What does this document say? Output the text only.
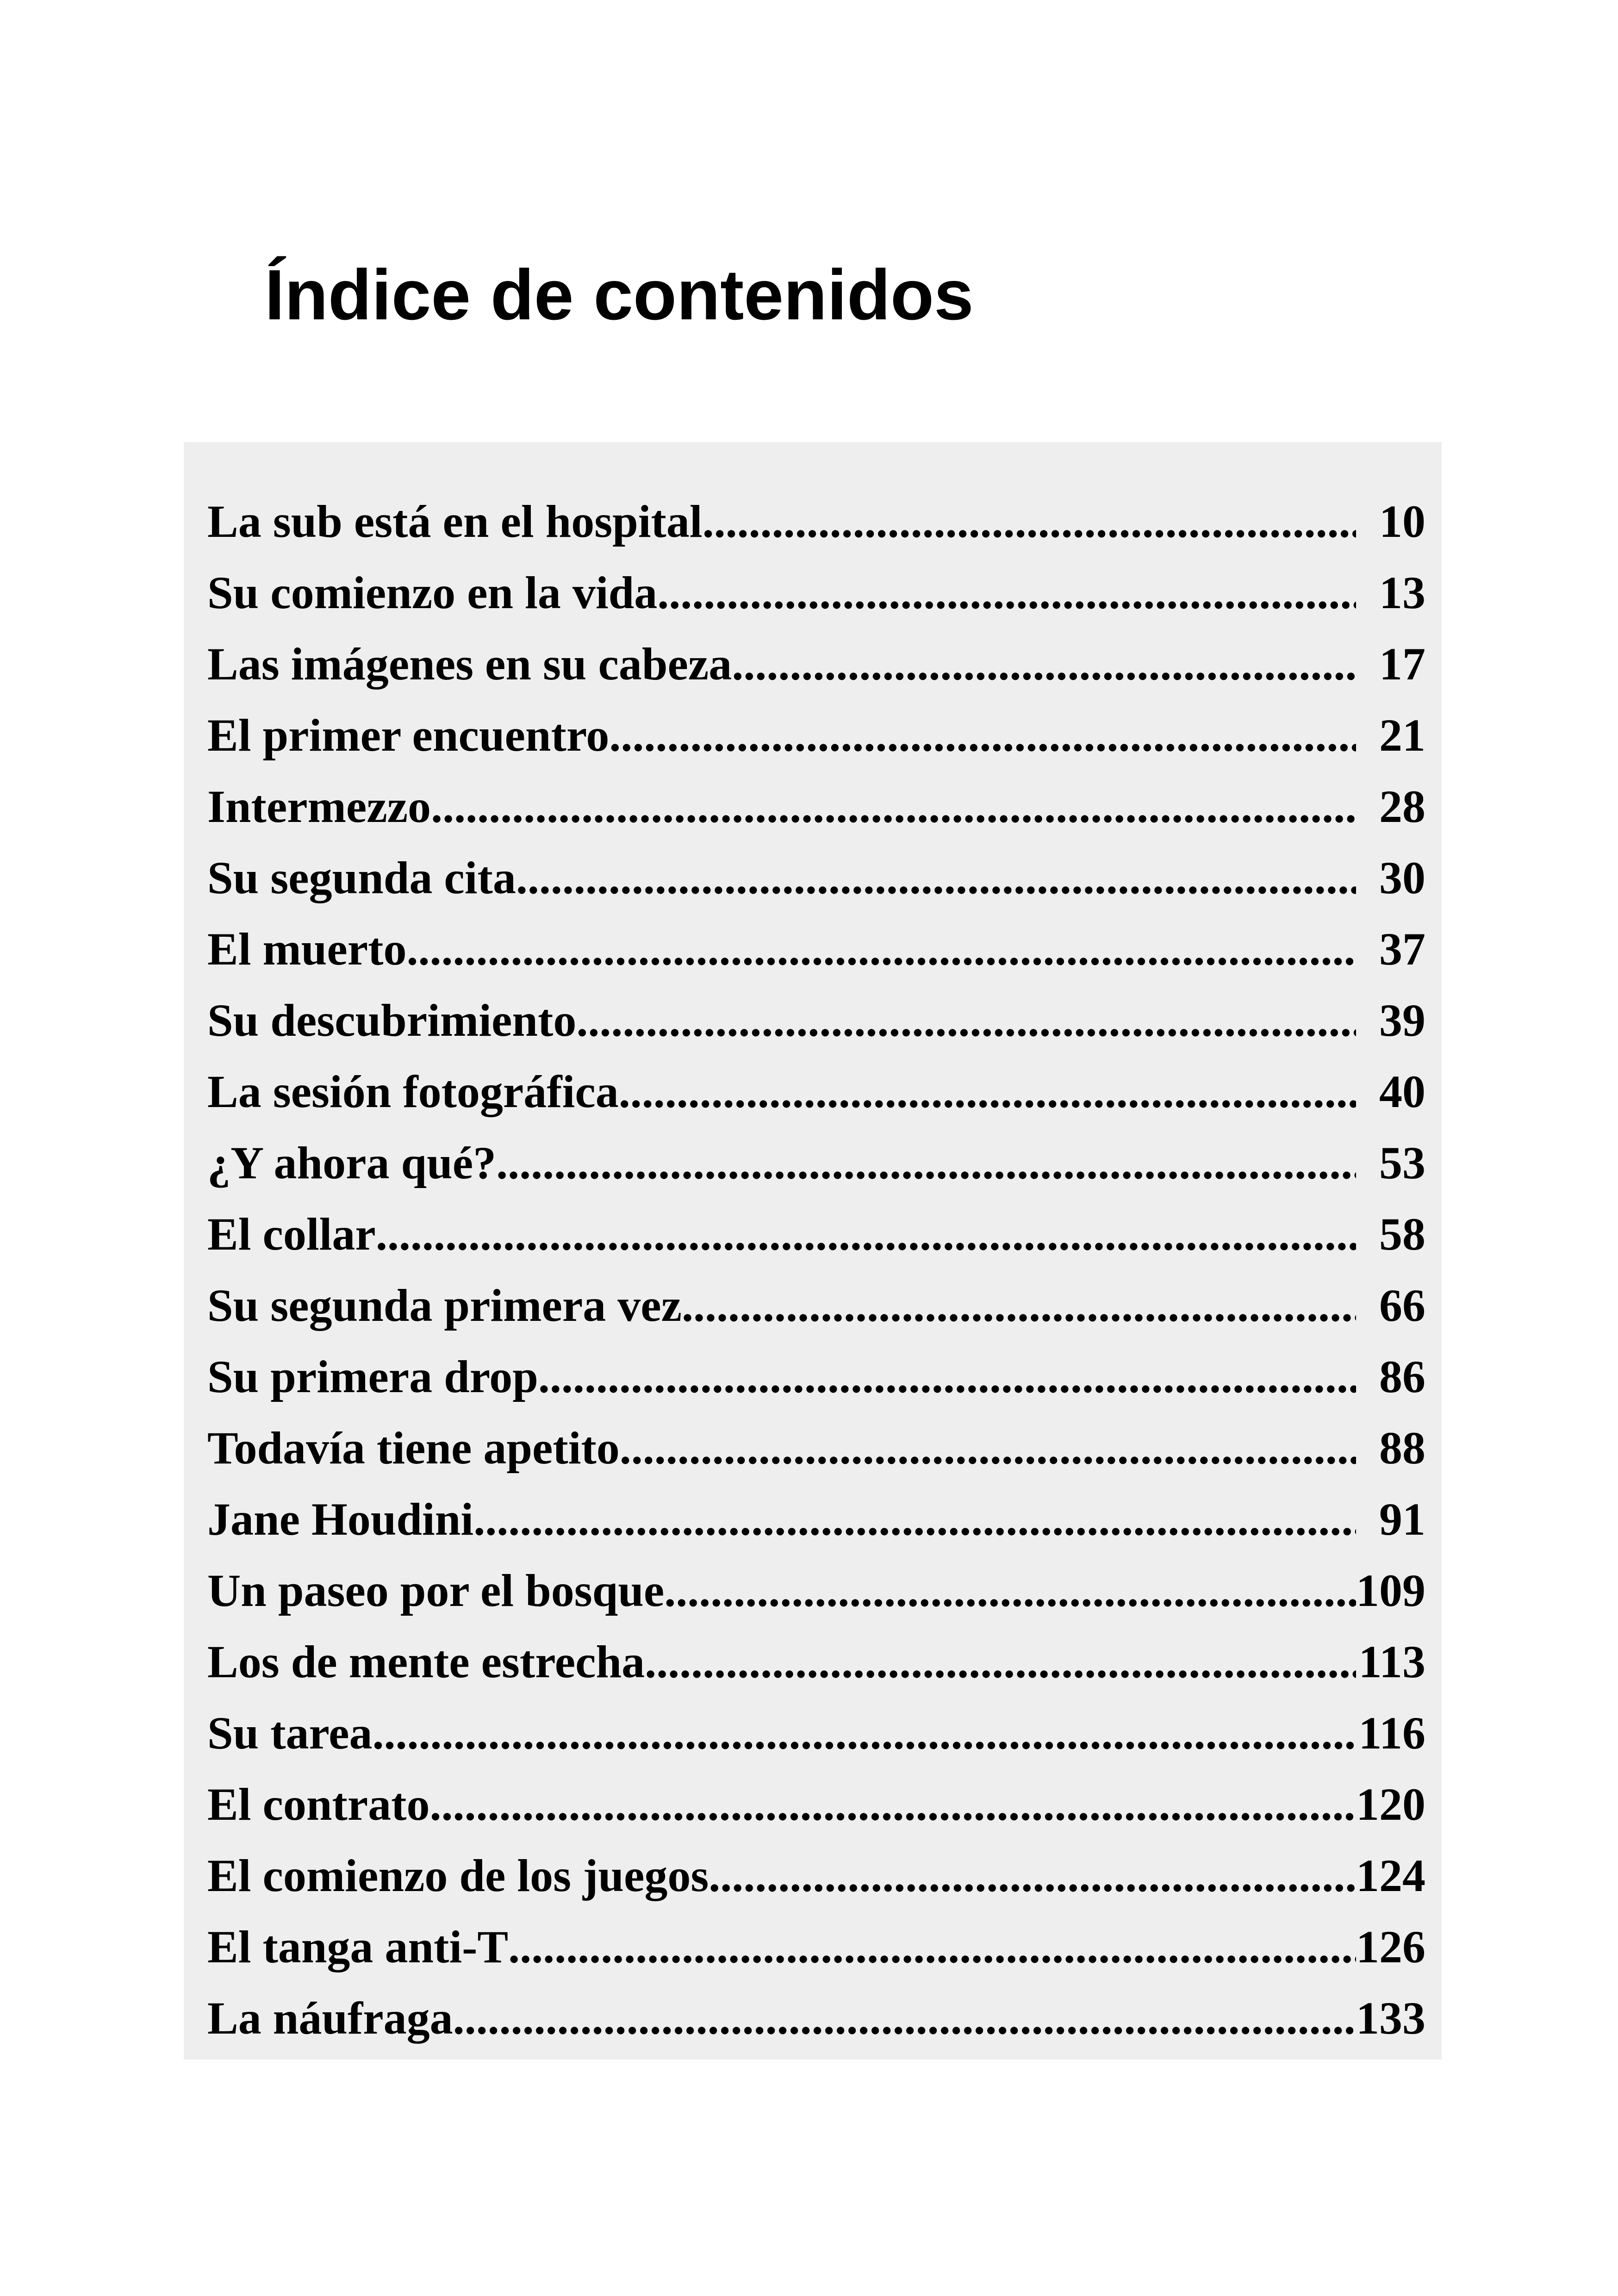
Índice de contenidos
La sub está en el hospital .....	10
Su comienzo en la vida .....	13
Las imágenes en su cabeza .....	17
El primer encuentro .....	21
Intermezzo .....	28
Su segunda cita .....	30
El muerto .....	37
Su descubrimiento .....	39
La sesión fotográfica .....	40
¿Y ahora qué? .....	53
El collar .....	58
Su segunda primera vez .....	66
Su primera drop .....	86
Todavía tiene apetito .....	88
Jane Houdini .....	91
Un paseo por el bosque .....	109
Los de mente estrecha .....	113
Su tarea .....	116
El contrato .....	120
El comienzo de los juegos .....	124
El tanga anti-T .....	126
La náufraga .....	133
